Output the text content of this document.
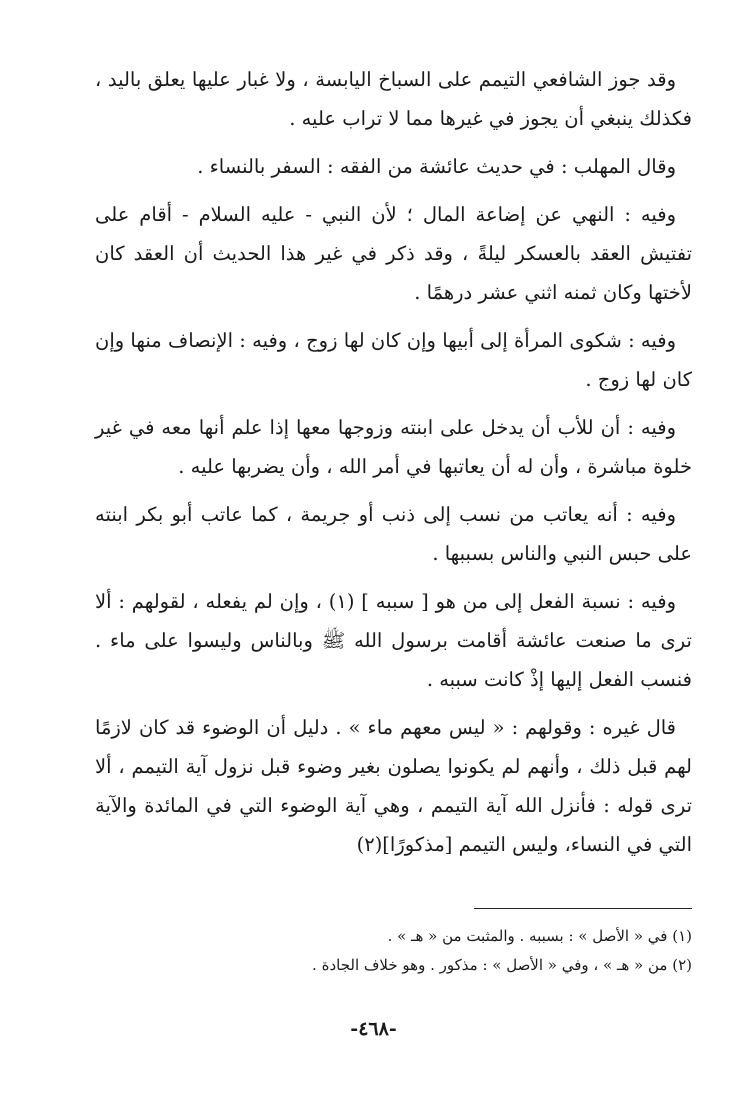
وقد جوز الشافعي التيمم على السباخ اليابسة ، ولا غبار عليها يعلق باليد ، فكذلك ينبغي أن يجوز في غيرها مما لا تراب عليه .

وقال المهلب : في حديث عائشة من الفقه : السفر بالنساء .

وفيه : النهي عن إضاعة المال ؛ لأن النبي - عليه السلام - أقام على تفتيش العقد بالعسكر ليلةً ، وقد ذكر في غير هذا الحديث أن العقد كان لأختها وكان ثمنه اثني عشر درهمًا .

وفيه : شكوى المرأة إلى أبيها وإن كان لها زوج ، وفيه : الإنصاف منها وإن كان لها زوج .

وفيه : أن للأب أن يدخل على ابنته وزوجها معها إذا علم أنها معه في غير خلوة مباشرة ، وأن له أن يعاتبها في أمر الله ، وأن يضربها عليه .

وفيه : أنه يعاتب من نسب إلى ذنب أو جريمة ، كما عاتب أبو بكر ابنته على حبس النبي والناس بسببها .

وفيه : نسبة الفعل إلى من هو [ سببه ] (١) ، وإن لم يفعله ، لقولهم : ألا ترى ما صنعت عائشة أقامت برسول الله ﷺ وبالناس وليسوا على ماء . فنسب الفعل إليها إذْ كانت سببه .

قال غيره : وقولهم : « ليس معهم ماء » . دليل أن الوضوء قد كان لازمًا لهم قبل ذلك ، وأنهم لم يكونوا يصلون بغير وضوء قبل نزول آية التيمم ، ألا ترى قوله : فأنزل الله آية التيمم ، وهي آية الوضوء التي في المائدة والآية التي في النساء، وليس التيمم [مذكورًا](٢)

(١) في « الأصل » : بسببه . والمثبت من « هـ » .

(٢) من « هـ » ، وفي « الأصل » : مذكور . وهو خلاف الجادة .

-٤٦٨-
